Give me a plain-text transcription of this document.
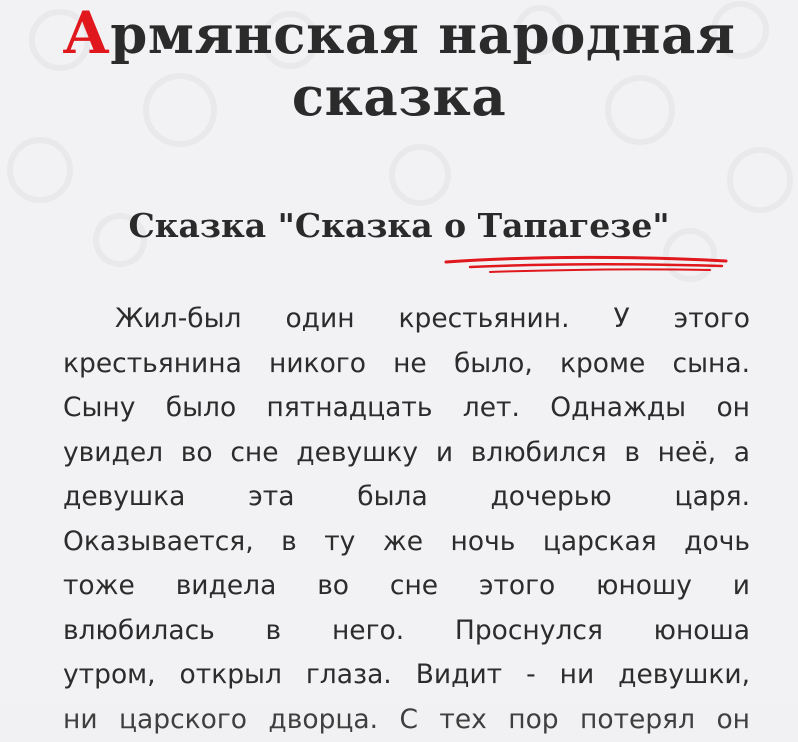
Армянская народная
сказка
Сказка "Сказка о Тапагезе"
Жил-был один крестьянин. У этого
крестьянина никого не было, кроме сына.
Сыну было пятнадцать лет. Однажды он
увидел во сне девушку и влюбился в неё, а
девушка эта была дочерью царя.
Оказывается, в ту же ночь царская дочь
тоже видела во сне этого юношу и
влюбилась в него. Проснулся юноша
утром, открыл глаза. Видит - ни девушки,
ни царского дворца. С тех пор потерял он
